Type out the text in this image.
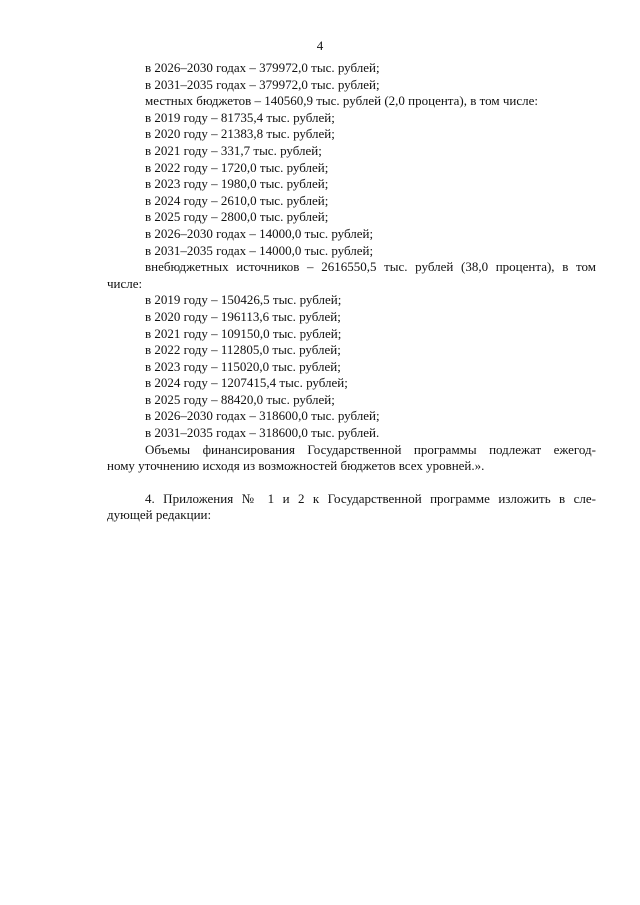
4
в 2026–2030 годах – 379972,0 тыс. рублей;
в 2031–2035 годах – 379972,0 тыс. рублей;
местных бюджетов – 140560,9 тыс. рублей (2,0 процента), в том числе:
в 2019 году – 81735,4 тыс. рублей;
в 2020 году – 21383,8 тыс. рублей;
в 2021 году – 331,7 тыс. рублей;
в 2022 году – 1720,0 тыс. рублей;
в 2023 году – 1980,0 тыс. рублей;
в 2024 году – 2610,0 тыс. рублей;
в 2025 году – 2800,0 тыс. рублей;
в 2026–2030 годах – 14000,0 тыс. рублей;
в 2031–2035 годах – 14000,0 тыс. рублей;
внебюджетных источников – 2616550,5 тыс. рублей (38,0 процента), в том
числе:
в 2019 году – 150426,5 тыс. рублей;
в 2020 году – 196113,6 тыс. рублей;
в 2021 году – 109150,0 тыс. рублей;
в 2022 году – 112805,0 тыс. рублей;
в 2023 году – 115020,0 тыс. рублей;
в 2024 году – 1207415,4 тыс. рублей;
в 2025 году – 88420,0 тыс. рублей;
в 2026–2030 годах – 318600,0 тыс. рублей;
в 2031–2035 годах – 318600,0 тыс. рублей.
Объемы финансирования Государственной программы подлежат ежегод-
ному уточнению исходя из возможностей бюджетов всех уровней.».
4. Приложения № 1 и 2 к Государственной программе изложить в сле-
дующей редакции:
